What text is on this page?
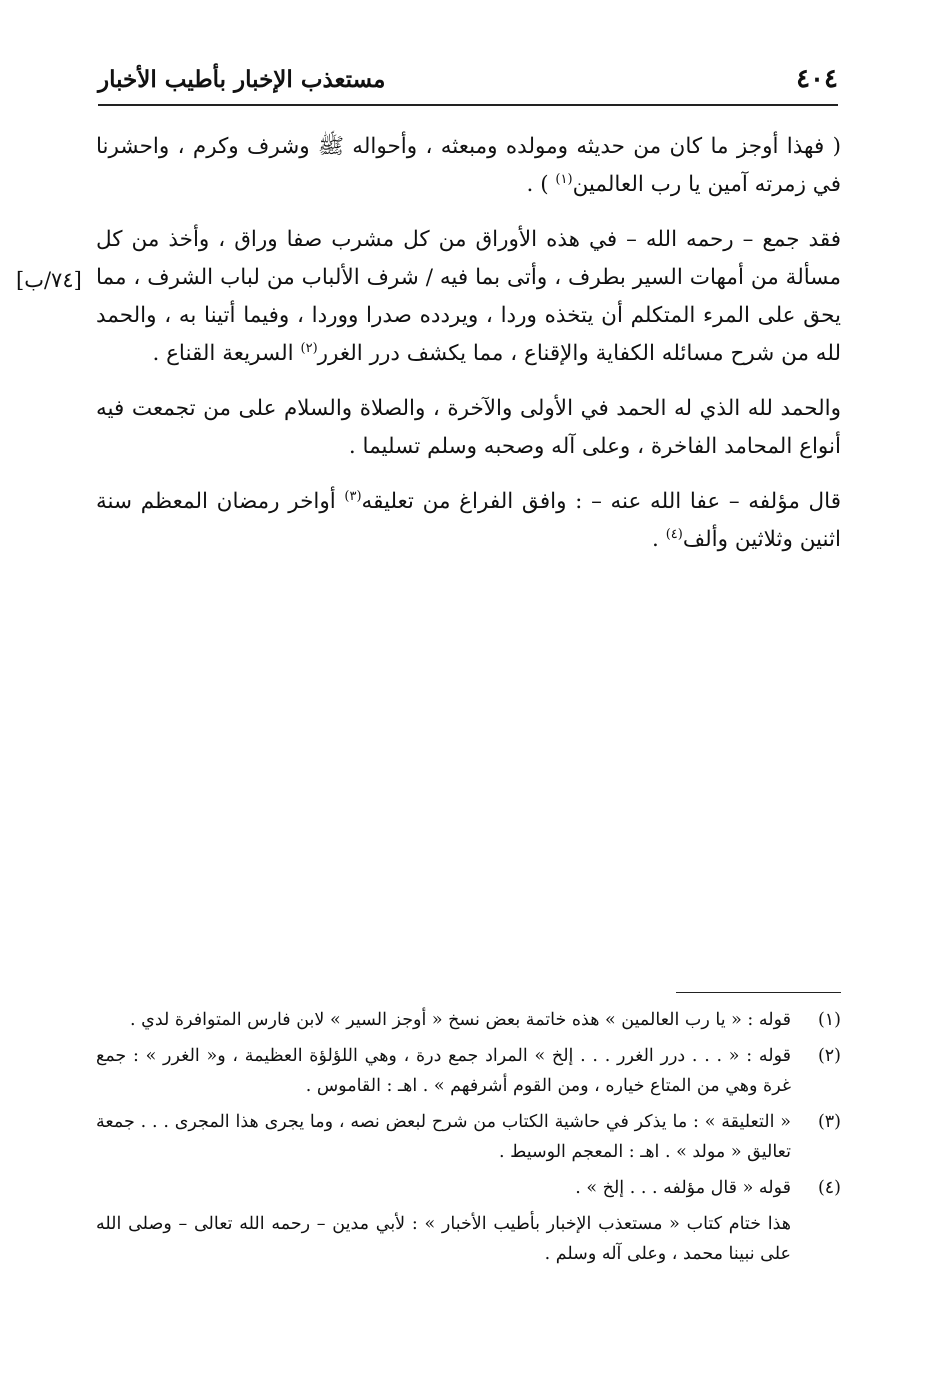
٤٠٤
مستعذب الإخبار بأطيب الأخبار
[٧٤/ب]

( فهذا أوجز ما كان من حديثه ومولده ومبعثه ، وأحواله ﷺ وشرف وكرم ، واحشرنا في زمرته آمين يا رب العالمين$^{(١)}$ ) .

فقد جمع – رحمه الله – في هذه الأوراق من كل مشرب صفا وراق ، وأخذ من كل مسألة من أمهات السير بطرف ، وأتى بما فيه / شرف الألباب من لباب الشرف ، مما يحق على المرء المتكلم أن يتخذه وردا ، ويردده صدرا ووردا ، وفيما أتينا به ، والحمد لله من شرح مسائله الكفاية والإقناع ، مما يكشف درر الغرر$^{(٢)}$ السريعة القناع .

والحمد لله الذي له الحمد في الأولى والآخرة ، والصلاة والسلام على من تجمعت فيه أنواع المحامد الفاخرة ، وعلى آله وصحبه وسلم تسليما .

قال مؤلفه – عفا الله عنه – : وافق الفراغ من تعليقه$^{(٣)}$ أواخر رمضان المعظم سنة اثنين وثلاثين وألف$^{(٤)}$ .

(١)
قوله : « يا رب العالمين » هذه خاتمة بعض نسخ « أوجز السير » لابن فارس المتوافرة لدي .
(٢)
قوله : « . . . درر الغرر . . . إلخ » المراد جمع درة ، وهي اللؤلؤة العظيمة ، و« الغرر » : جمع غرة وهي من المتاع خياره ، ومن القوم أشرفهم » . اهـ : القاموس .
(٣)
« التعليقة » : ما يذكر في حاشية الكتاب من شرح لبعض نصه ، وما يجرى هذا المجرى . . . جمعة تعاليق « مولد » . اهـ : المعجم الوسيط .
(٤)
قوله « قال مؤلفه . . . إلخ » .
هذا ختام كتاب « مستعذب الإخبار بأطيب الأخبار » : لأبي مدين – رحمه الله تعالى – وصلى الله على نبينا محمد ، وعلى آله وسلم .
